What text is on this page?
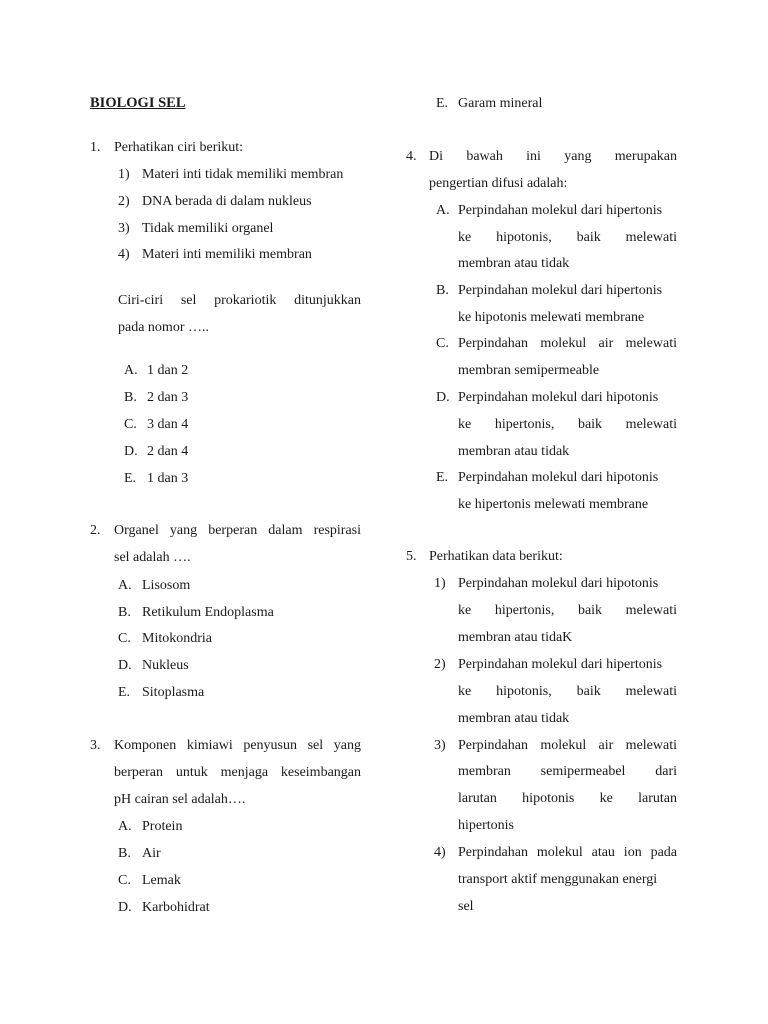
BIOLOGI SEL
1. Perhatikan ciri berikut:
1) Materi inti tidak memiliki membran
2) DNA berada di dalam nukleus
3) Tidak memiliki organel
4) Materi inti memiliki membran
Ciri-ciri sel prokariotik ditunjukkan
pada nomor …..
A. 1 dan 2
B. 2 dan 3
C. 3 dan 4
D. 2 dan 4
E. 1 dan 3
2. Organel yang berperan dalam respirasi
sel adalah ….
A. Lisosom
B. Retikulum Endoplasma
C. Mitokondria
D. Nukleus
E. Sitoplasma
3. Komponen kimiawi penyusun sel yang
berperan untuk menjaga keseimbangan
pH cairan sel adalah….
A. Protein
B. Air
C. Lemak
D. Karbohidrat
E. Garam mineral
4. Di bawah ini yang merupakan
pengertian difusi adalah:
A. Perpindahan molekul dari hipertonis
ke hipotonis, baik melewati
membran atau tidak
B. Perpindahan molekul dari hipertonis
ke hipotonis melewati membrane
C. Perpindahan molekul air melewati
membran semipermeable
D. Perpindahan molekul dari hipotonis
ke hipertonis, baik melewati
membran atau tidak
E. Perpindahan molekul dari hipotonis
ke hipertonis melewati membrane
5. Perhatikan data berikut:
1) Perpindahan molekul dari hipotonis
ke hipertonis, baik melewati
membran atau tidaK
2) Perpindahan molekul dari hipertonis
ke hipotonis, baik melewati
membran atau tidak
3) Perpindahan molekul air melewati
membran semipermeabel dari
larutan hipotonis ke larutan
hipertonis
4) Perpindahan molekul atau ion pada
transport aktif menggunakan energi
sel
